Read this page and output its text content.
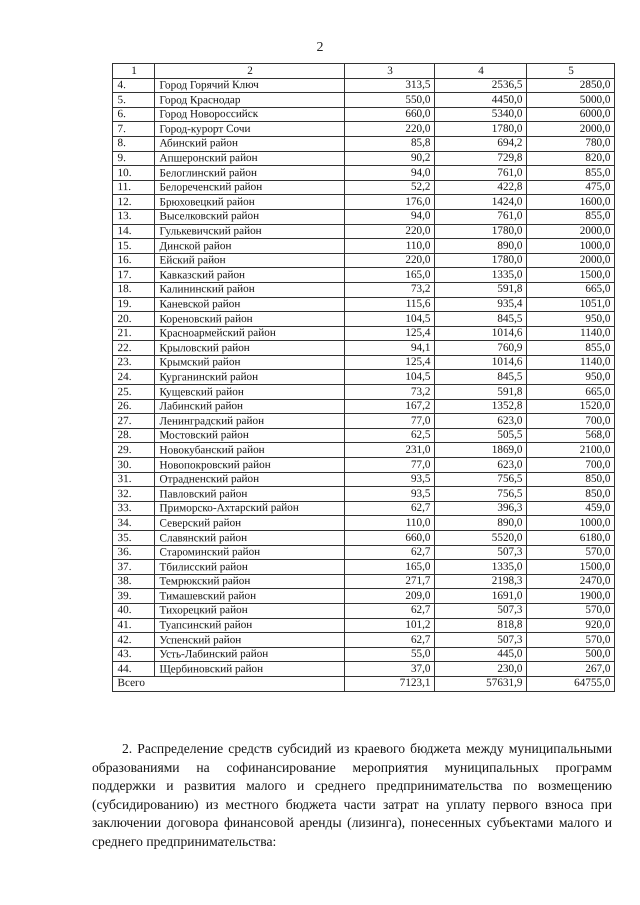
2
1	2	3	4	5
4.	Город Горячий Ключ	313,5	2536,5	2850,0
5.	Город Краснодар	550,0	4450,0	5000,0
6.	Город Новороссийск	660,0	5340,0	6000,0
7.	Город-курорт Сочи	220,0	1780,0	2000,0
8.	Абинский район	85,8	694,2	780,0
9.	Апшеронский район	90,2	729,8	820,0
10.	Белоглинский район	94,0	761,0	855,0
11.	Белореченский район	52,2	422,8	475,0
12.	Брюховецкий район	176,0	1424,0	1600,0
13.	Выселковский район	94,0	761,0	855,0
14.	Гулькевичский район	220,0	1780,0	2000,0
15.	Динской район	110,0	890,0	1000,0
16.	Ейский район	220,0	1780,0	2000,0
17.	Кавказский район	165,0	1335,0	1500,0
18.	Калининский район	73,2	591,8	665,0
19.	Каневской район	115,6	935,4	1051,0
20.	Кореновский район	104,5	845,5	950,0
21.	Красноармейский район	125,4	1014,6	1140,0
22.	Крыловский район	94,1	760,9	855,0
23.	Крымский район	125,4	1014,6	1140,0
24.	Курганинский район	104,5	845,5	950,0
25.	Кущевский район	73,2	591,8	665,0
26.	Лабинский район	167,2	1352,8	1520,0
27.	Ленинградский район	77,0	623,0	700,0
28.	Мостовский район	62,5	505,5	568,0
29.	Новокубанский район	231,0	1869,0	2100,0
30.	Новопокровский район	77,0	623,0	700,0
31.	Отрадненский район	93,5	756,5	850,0
32.	Павловский район	93,5	756,5	850,0
33.	Приморско-Ахтарский район	62,7	396,3	459,0
34.	Северский район	110,0	890,0	1000,0
35.	Славянский район	660,0	5520,0	6180,0
36.	Староминский район	62,7	507,3	570,0
37.	Тбилисский район	165,0	1335,0	1500,0
38.	Темрюкский район	271,7	2198,3	2470,0
39.	Тимашевский район	209,0	1691,0	1900,0
40.	Тихорецкий район	62,7	507,3	570,0
41.	Туапсинский район	101,2	818,8	920,0
42.	Успенский район	62,7	507,3	570,0
43.	Усть-Лабинский район	55,0	445,0	500,0
44.	Щербиновский район	37,0	230,0	267,0
Всего		7123,1	57631,9	64755,0
2. Распределение средств субсидий из краевого бюджета между муниципальными образованиями на софинансирование мероприятия муниципальных программ поддержки и развития малого и среднего предпринимательства по возмещению (субсидированию) из местного бюджета части затрат на уплату первого взноса при заключении договора финансовой аренды (лизинга), понесенных субъектами малого и среднего предпринимательства:
